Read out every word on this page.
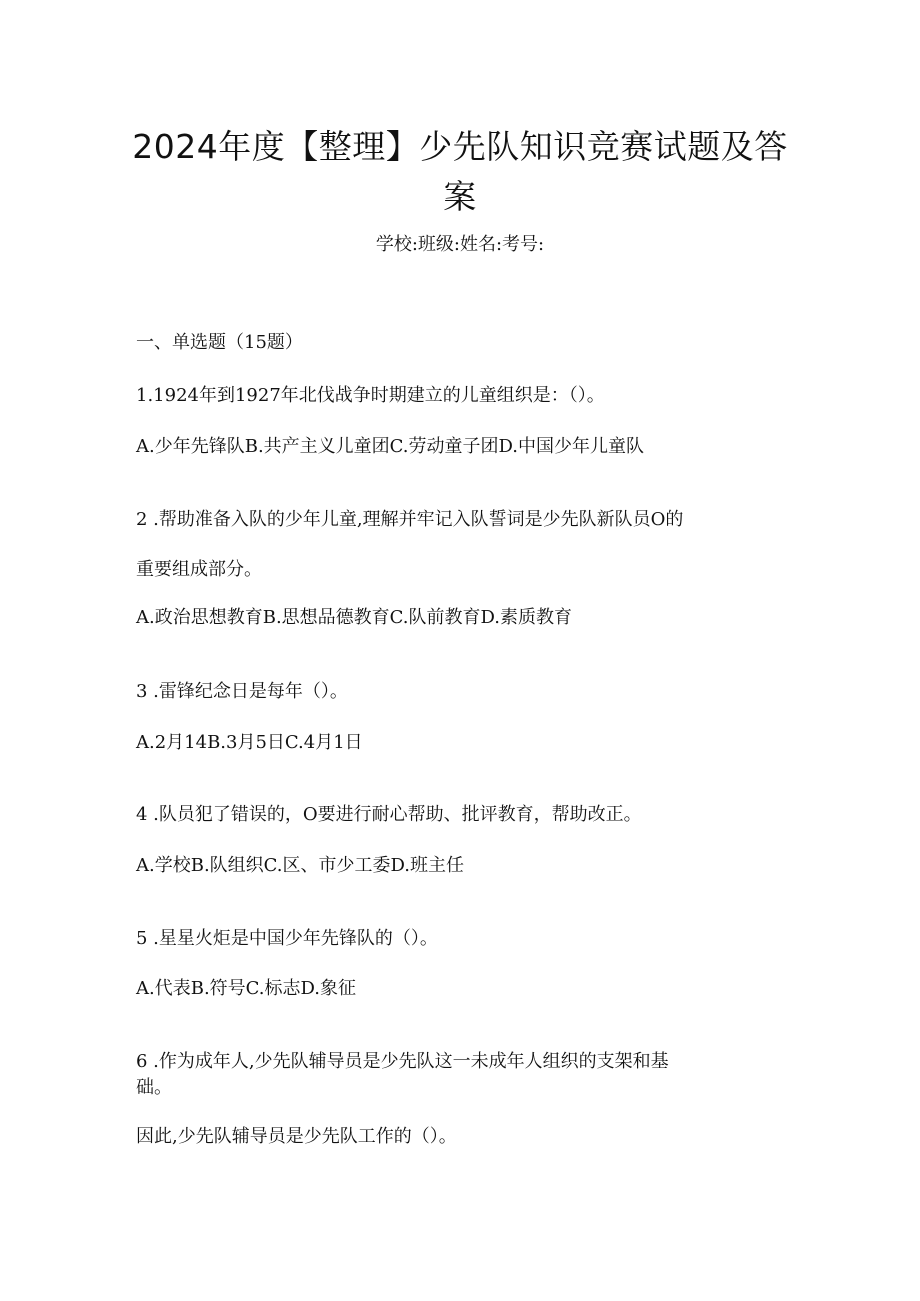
2024年度【整理】少先队知识竞赛试题及答
案
学校:班级:姓名:考号:
一、单选题（15题）
1.1924年到1927年北伐战争时期建立的儿童组织是：（）。
A.少年先锋队B.共产主义儿童团C.劳动童子团D.中国少年儿童队
2 .帮助准备入队的少年儿童,理解并牢记入队誓词是少先队新队员O的
重要组成部分。
A.政治思想教育B.思想品德教育C.队前教育D.素质教育
3 .雷锋纪念日是每年（）。
A.2月14B.3月5日C.4月1日
4 .队员犯了错误的，O要进行耐心帮助、批评教育，帮助改正。
A.学校B.队组织C.区、市少工委D.班主任
5 .星星火炬是中国少年先锋队的（）。
A.代表B.符号C.标志D.象征
6 .作为成年人,少先队辅导员是少先队这一未成年人组织的支架和基
础。
因此,少先队辅导员是少先队工作的（）。
